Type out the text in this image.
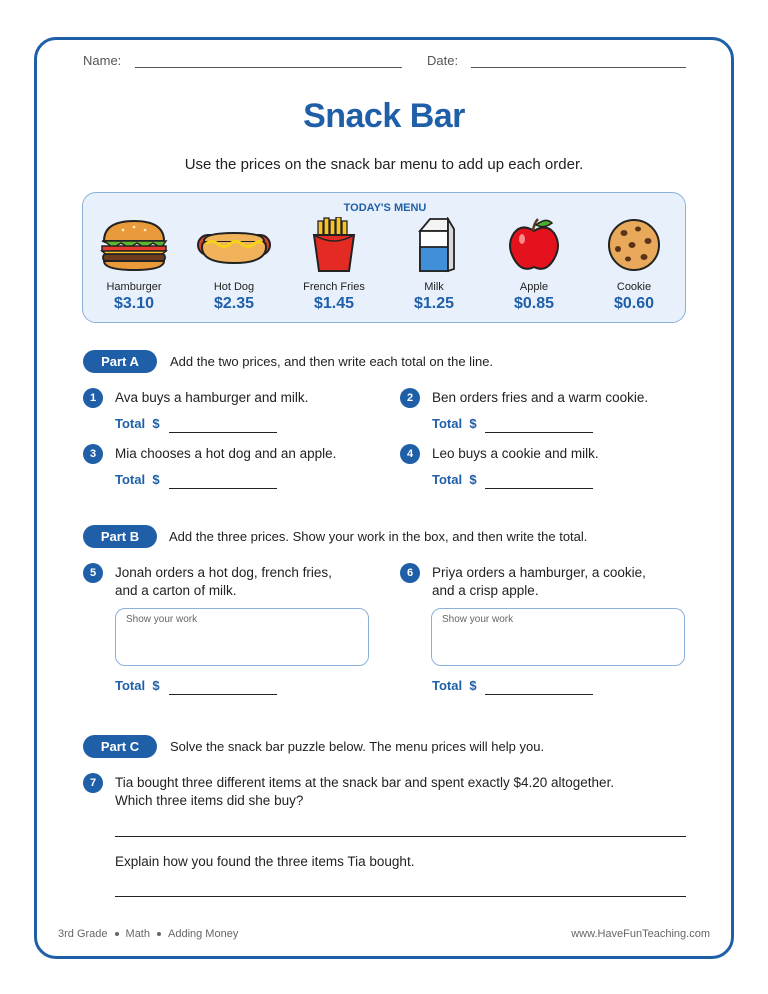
Name:	Date:
Snack Bar
Use the prices on the snack bar menu to add up each order.
TODAY'S MENU
Hamburger
$3.10
Hot Dog
$2.35
French Fries
$1.45
Milk
$1.25
Apple
$0.85
Cookie
$0.60
Part A	Add the two prices, and then write each total on the line.
1	Ava buys a hamburger and milk.
Total $
2	Ben orders fries and a warm cookie.
Total $
3	Mia chooses a hot dog and an apple.
Total $
4	Leo buys a cookie and milk.
Total $
Part B	Add the three prices. Show your work in the box, and then write the total.
5	Jonah orders a hot dog, french fries,
and a carton of milk.
Show your work
Total $
6	Priya orders a hamburger, a cookie,
and a crisp apple.
Show your work
Total $
Part C	Solve the snack bar puzzle below. The menu prices will help you.
7	Tia bought three different items at the snack bar and spent exactly $4.20 altogether.
Which three items did she buy?
Explain how you found the three items Tia bought.
3rd Grade Math Adding Money	www.HaveFunTeaching.com
